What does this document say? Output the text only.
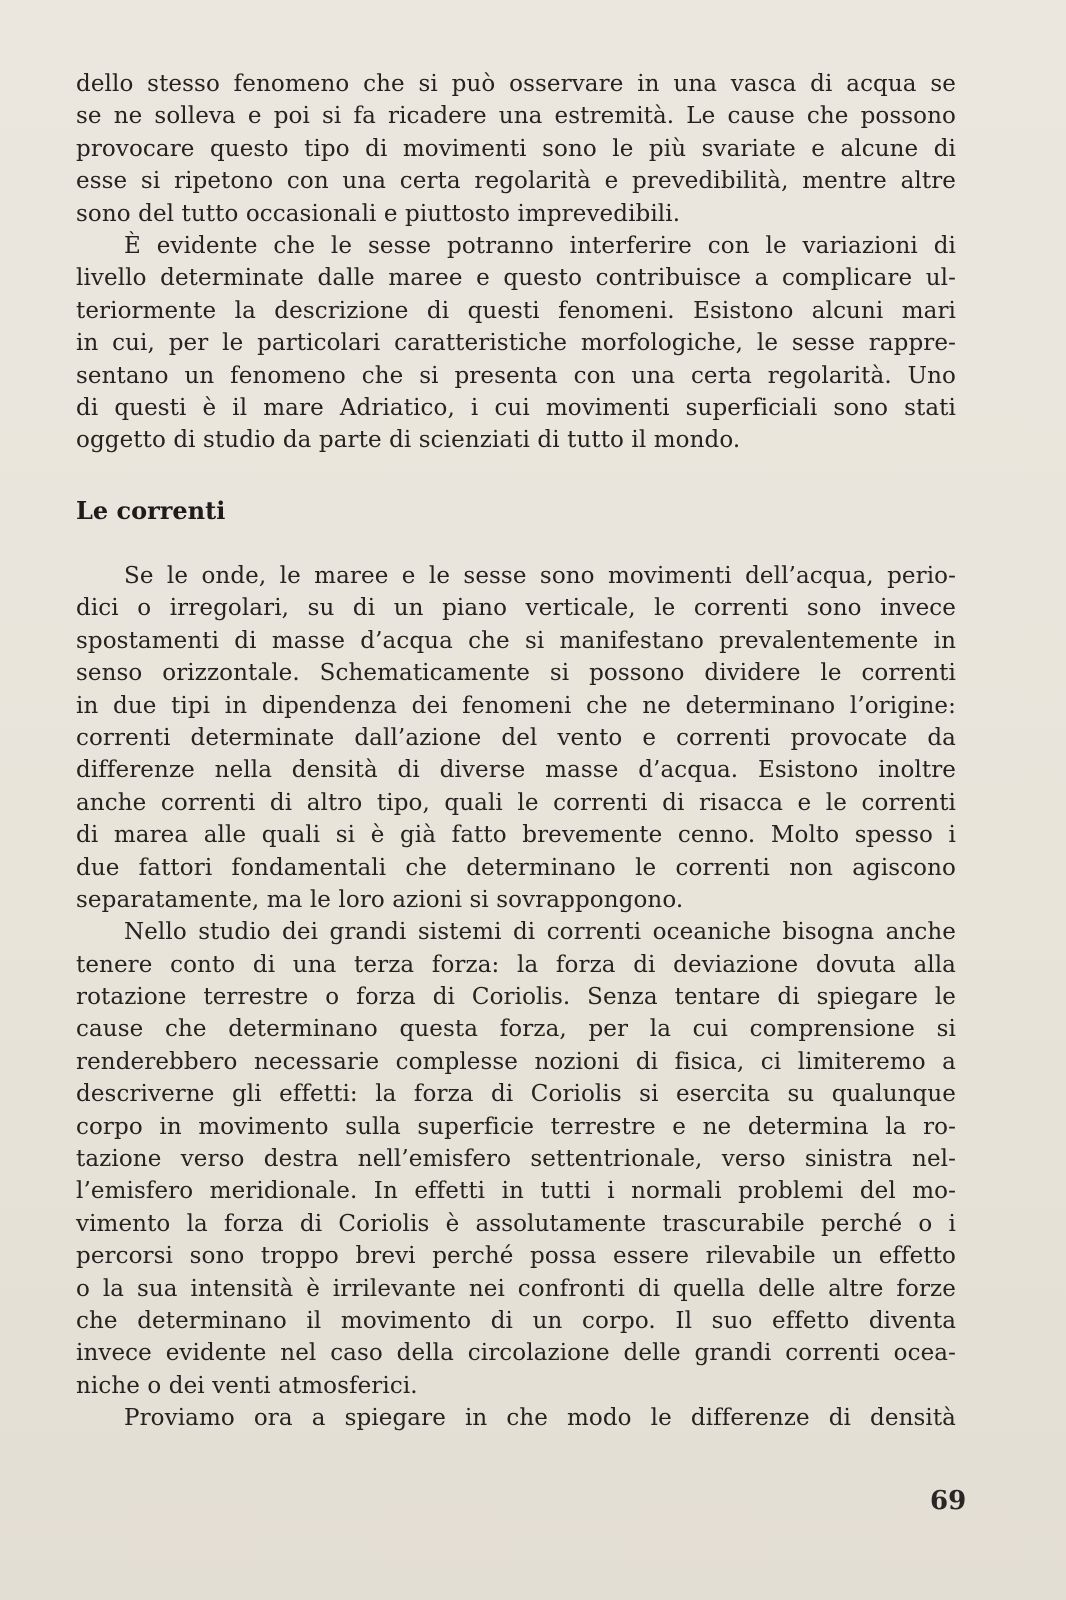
dello stesso fenomeno che si può osservare in una vasca di acqua se
se ne solleva e poi si fa ricadere una estremità. Le cause che possono
provocare questo tipo di movimenti sono le più svariate e alcune di
esse si ripetono con una certa regolarità e prevedibilità, mentre altre
sono del tutto occasionali e piuttosto imprevedibili.
È evidente che le sesse potranno interferire con le variazioni di
livello determinate dalle maree e questo contribuisce a complicare ul-
teriormente la descrizione di questi fenomeni. Esistono alcuni mari
in cui, per le particolari caratteristiche morfologiche, le sesse rappre-
sentano un fenomeno che si presenta con una certa regolarità. Uno
di questi è il mare Adriatico, i cui movimenti superficiali sono stati
oggetto di studio da parte di scienziati di tutto il mondo.
Le correnti
Se le onde, le maree e le sesse sono movimenti dell’acqua, perio-
dici o irregolari, su di un piano verticale, le correnti sono invece
spostamenti di masse d’acqua che si manifestano prevalentemente in
senso orizzontale. Schematicamente si possono dividere le correnti
in due tipi in dipendenza dei fenomeni che ne determinano l’origine:
correnti determinate dall’azione del vento e correnti provocate da
differenze nella densità di diverse masse d’acqua. Esistono inoltre
anche correnti di altro tipo, quali le correnti di risacca e le correnti
di marea alle quali si è già fatto brevemente cenno. Molto spesso i
due fattori fondamentali che determinano le correnti non agiscono
separatamente, ma le loro azioni si sovrappongono.
Nello studio dei grandi sistemi di correnti oceaniche bisogna anche
tenere conto di una terza forza: la forza di deviazione dovuta alla
rotazione terrestre o forza di Coriolis. Senza tentare di spiegare le
cause che determinano questa forza, per la cui comprensione si
renderebbero necessarie complesse nozioni di fisica, ci limiteremo a
descriverne gli effetti: la forza di Coriolis si esercita su qualunque
corpo in movimento sulla superficie terrestre e ne determina la ro-
tazione verso destra nell’emisfero settentrionale, verso sinistra nel-
l’emisfero meridionale. In effetti in tutti i normali problemi del mo-
vimento la forza di Coriolis è assolutamente trascurabile perché o i
percorsi sono troppo brevi perché possa essere rilevabile un effetto
o la sua intensità è irrilevante nei confronti di quella delle altre forze
che determinano il movimento di un corpo. Il suo effetto diventa
invece evidente nel caso della circolazione delle grandi correnti ocea-
niche o dei venti atmosferici.
Proviamo ora a spiegare in che modo le differenze di densità
69
